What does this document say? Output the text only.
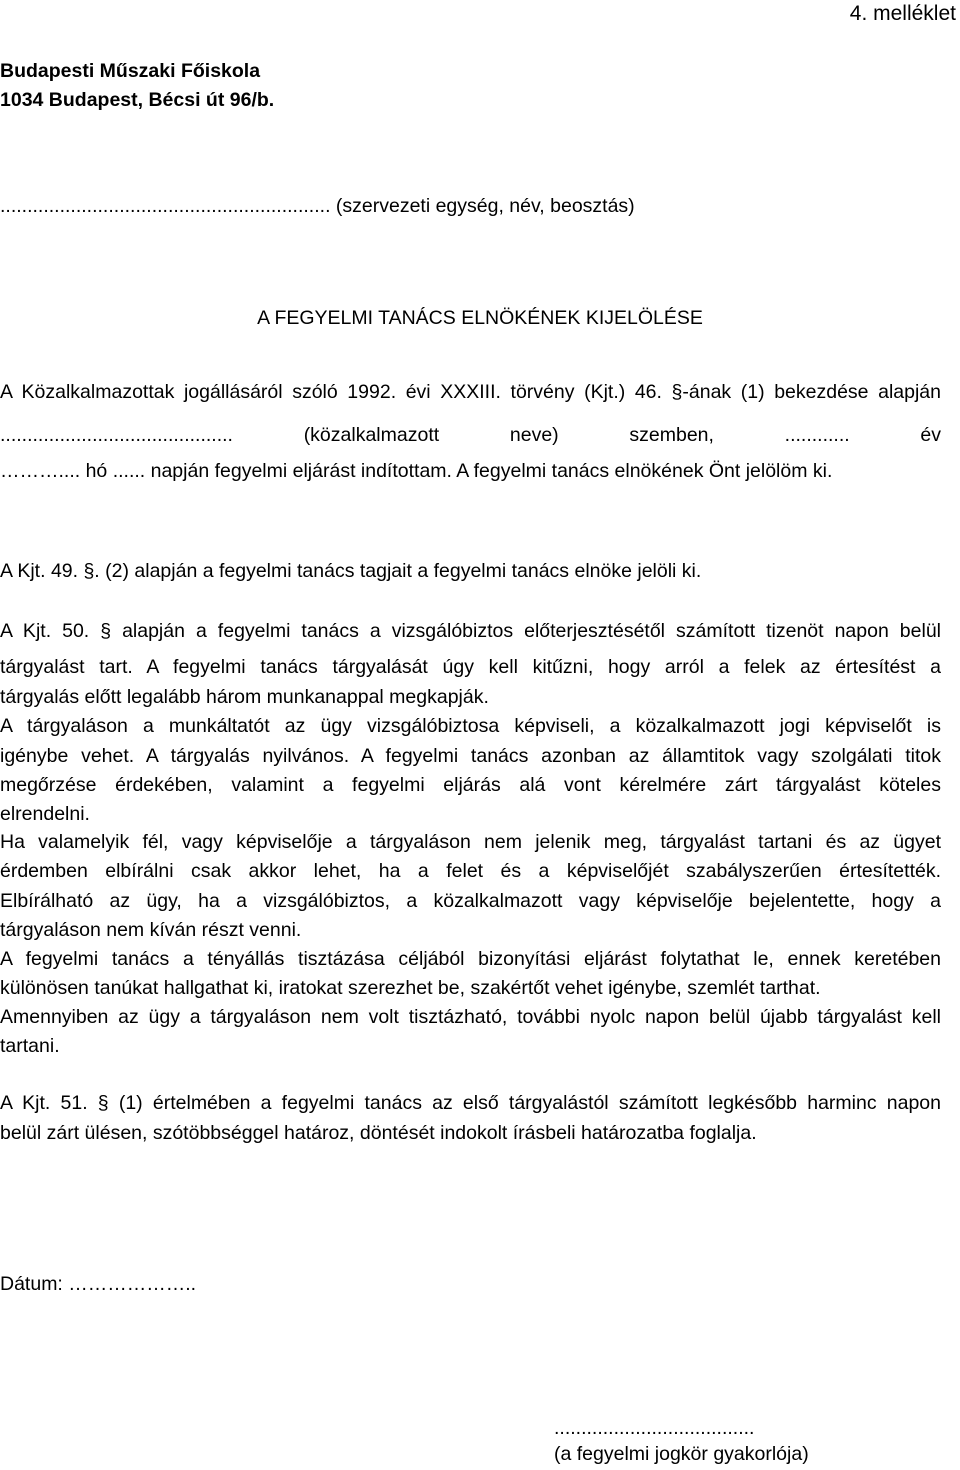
4. melléklet
Budapesti Műszaki Főiskola
1034 Budapest, Bécsi út 96/b.
............................................................. (szervezeti egység, név, beosztás)
A FEGYELMI TANÁCS ELNÖKÉNEK KIJELÖLÉSE
A Közalkalmazottak jogállásáról szóló 1992. évi XXXIII. törvény (Kjt.) 46. §-ának (1) bekezdése alapján
........................................... (közalkalmazott neve) szemben, ............ év
……….... hó ...... napján fegyelmi eljárást indítottam. A fegyelmi tanács elnökének Önt jelölöm ki.
A Kjt. 49. §. (2) alapján a fegyelmi tanács tagjait a fegyelmi tanács elnöke jelöli ki.
A Kjt. 50. § alapján a fegyelmi tanács a vizsgálóbiztos előterjesztésétől számított tizenöt napon belül
tárgyalást tart. A fegyelmi tanács tárgyalását úgy kell kitűzni, hogy arról a felek az értesítést a
tárgyalás előtt legalább három munkanappal megkapják.
A tárgyaláson a munkáltatót az ügy vizsgálóbiztosa képviseli, a közalkalmazott jogi képviselőt is
igénybe vehet. A tárgyalás nyilvános. A fegyelmi tanács azonban az államtitok vagy szolgálati titok
megőrzése érdekében, valamint a fegyelmi eljárás alá vont kérelmére zárt tárgyalást köteles
elrendelni.
Ha valamelyik fél, vagy képviselője a tárgyaláson nem jelenik meg, tárgyalást tartani és az ügyet
érdemben elbírálni csak akkor lehet, ha a felet és a képviselőjét szabályszerűen értesítették.
Elbírálható az ügy, ha a vizsgálóbiztos, a közalkalmazott vagy képviselője bejelentette, hogy a
tárgyaláson nem kíván részt venni.
A fegyelmi tanács a tényállás tisztázása céljából bizonyítási eljárást folytathat le, ennek keretében
különösen tanúkat hallgathat ki, iratokat szerezhet be, szakértőt vehet igénybe, szemlét tarthat.
Amennyiben az ügy a tárgyaláson nem volt tisztázható, további nyolc napon belül újabb tárgyalást kell
tartani.
A Kjt. 51. § (1) értelmében a fegyelmi tanács az első tárgyalástól számított legkésőbb harminc napon
belül zárt ülésen, szótöbbséggel határoz, döntését indokolt írásbeli határozatba foglalja.
Dátum: ………………..
.....................................
(a fegyelmi jogkör gyakorlója)
